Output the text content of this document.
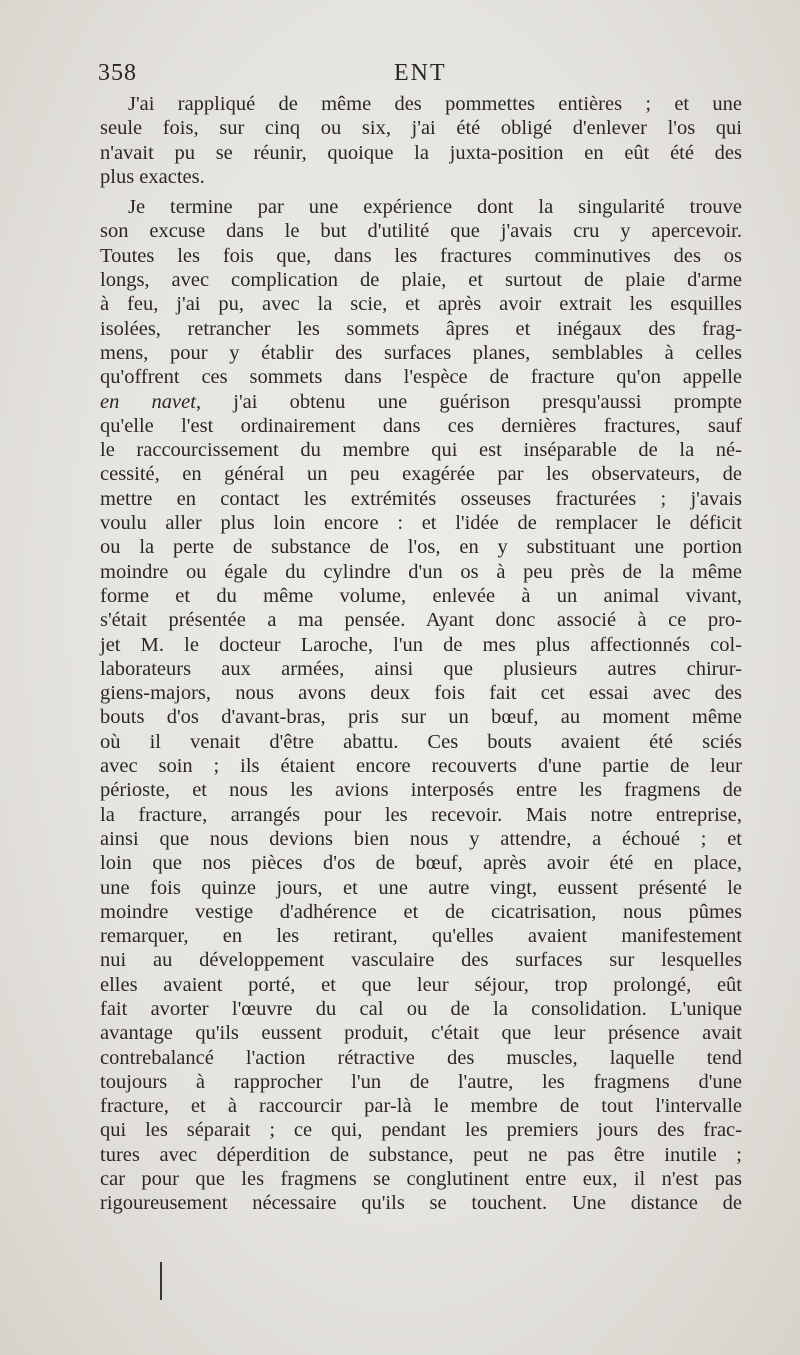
358	ENT
J'ai rappliqué de même des pommettes entières ; et une
seule fois, sur cinq ou six, j'ai été obligé d'enlever l'os qui
n'avait pu se réunir, quoique la juxta-position en eût été des
plus exactes.
Je termine par une expérience dont la singularité trouve
son excuse dans le but d'utilité que j'avais cru y apercevoir.
Toutes les fois que, dans les fractures comminutives des os
longs, avec complication de plaie, et surtout de plaie d'arme
à feu, j'ai pu, avec la scie, et après avoir extrait les esquilles
isolées, retrancher les sommets âpres et inégaux des frag-
mens, pour y établir des surfaces planes, semblables à celles
qu'offrent ces sommets dans l'espèce de fracture qu'on appelle
en navet, j'ai obtenu une guérison presqu'aussi prompte
qu'elle l'est ordinairement dans ces dernières fractures, sauf
le raccourcissement du membre qui est inséparable de la né-
cessité, en général un peu exagérée par les observateurs, de
mettre en contact les extrémités osseuses fracturées ; j'avais
voulu aller plus loin encore : et l'idée de remplacer le déficit
ou la perte de substance de l'os, en y substituant une portion
moindre ou égale du cylindre d'un os à peu près de la même
forme et du même volume, enlevée à un animal vivant,
s'était présentée a ma pensée. Ayant donc associé à ce pro-
jet M. le docteur Laroche, l'un de mes plus affectionnés col-
laborateurs aux armées, ainsi que plusieurs autres chirur-
giens-majors, nous avons deux fois fait cet essai avec des
bouts d'os d'avant-bras, pris sur un bœuf, au moment même
où il venait d'être abattu. Ces bouts avaient été sciés
avec soin ; ils étaient encore recouverts d'une partie de leur
périoste, et nous les avions interposés entre les fragmens de
la fracture, arrangés pour les recevoir. Mais notre entreprise,
ainsi que nous devions bien nous y attendre, a échoué ; et
loin que nos pièces d'os de bœuf, après avoir été en place,
une fois quinze jours, et une autre vingt, eussent présenté le
moindre vestige d'adhérence et de cicatrisation, nous pûmes
remarquer, en les retirant, qu'elles avaient manifestement
nui au développement vasculaire des surfaces sur lesquelles
elles avaient porté, et que leur séjour, trop prolongé, eût
fait avorter l'œuvre du cal ou de la consolidation. L'unique
avantage qu'ils eussent produit, c'était que leur présence avait
contrebalancé l'action rétractive des muscles, laquelle tend
toujours à rapprocher l'un de l'autre, les fragmens d'une
fracture, et à raccourcir par-là le membre de tout l'intervalle
qui les séparait ; ce qui, pendant les premiers jours des frac-
tures avec déperdition de substance, peut ne pas être inutile ;
car pour que les fragmens se conglutinent entre eux, il n'est pas
rigoureusement nécessaire qu'ils se touchent. Une distance de
